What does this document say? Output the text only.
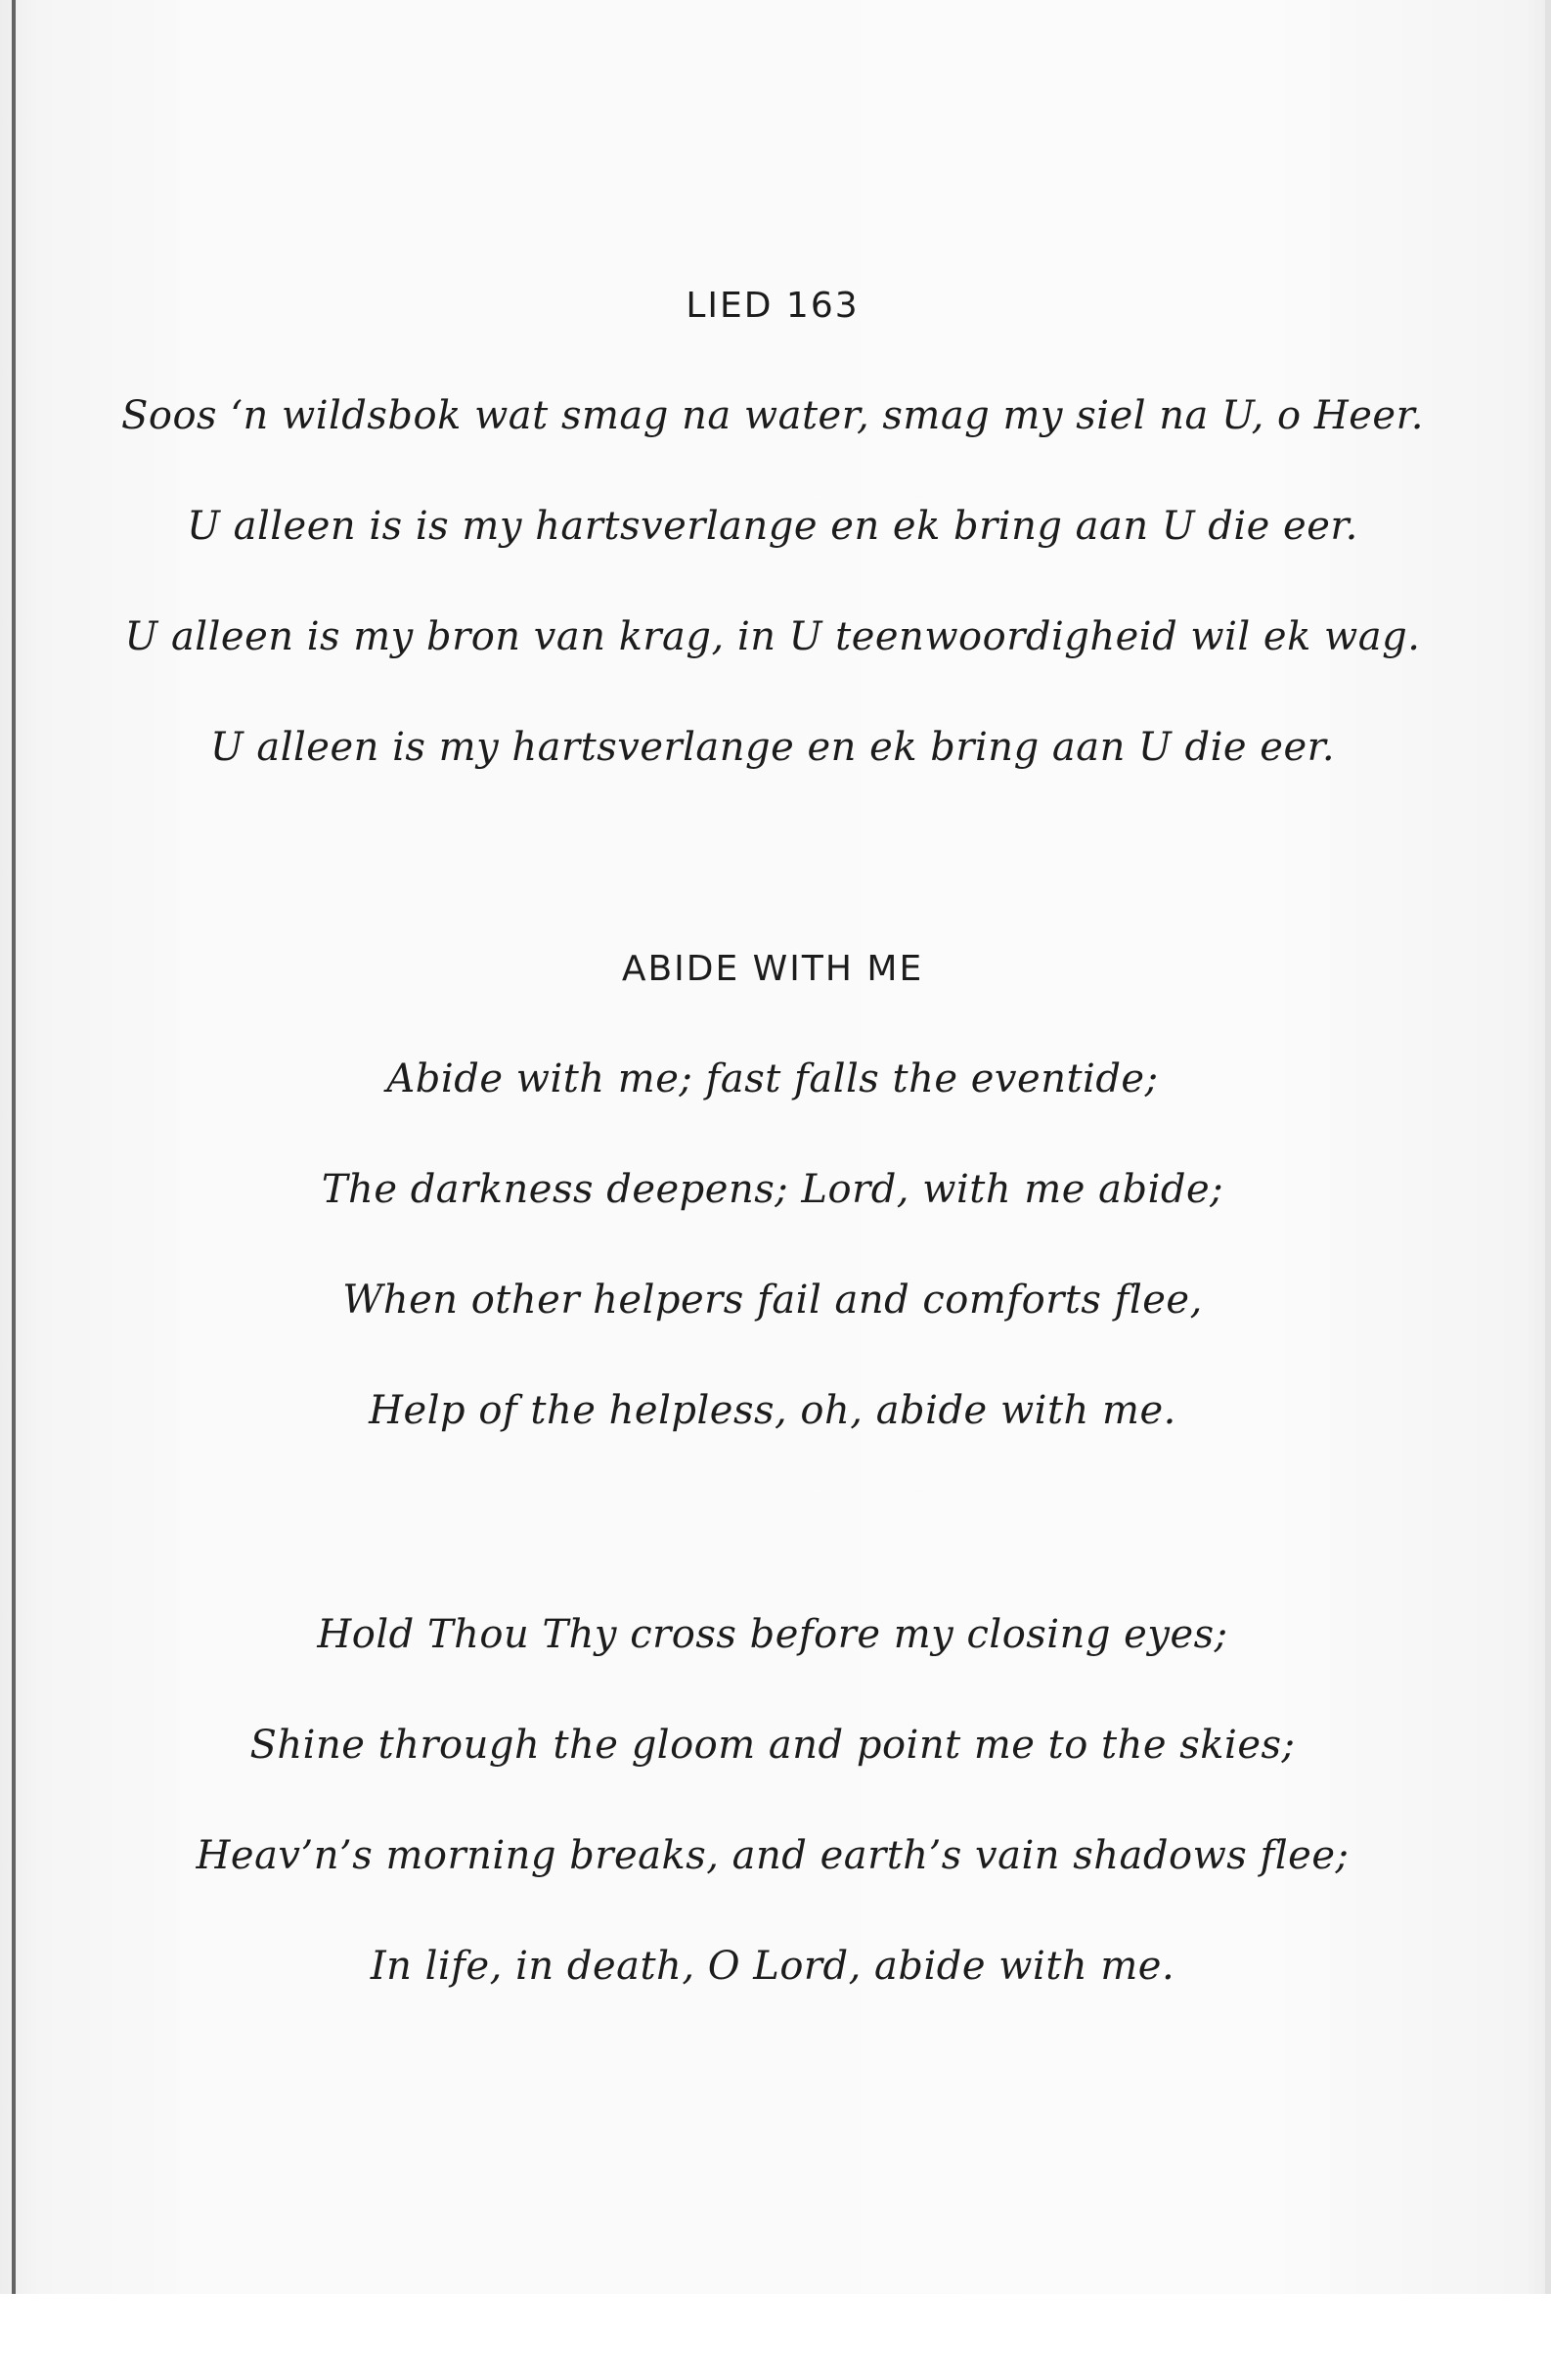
LIED 163
Soos ‘n wildsbok wat smag na water, smag my siel na U, o Heer.
U alleen is is my hartsverlange en ek bring aan U die eer.
U alleen is my bron van krag, in U teenwoordigheid wil ek wag.
U alleen is my hartsverlange en ek bring aan U die eer.
ABIDE WITH ME
Abide with me; fast falls the eventide;
The darkness deepens; Lord, with me abide;
When other helpers fail and comforts flee,
Help of the helpless, oh, abide with me.
Hold Thou Thy cross before my closing eyes;
Shine through the gloom and point me to the skies;
Heav’n’s morning breaks, and earth’s vain shadows flee;
In life, in death, O Lord, abide with me.
